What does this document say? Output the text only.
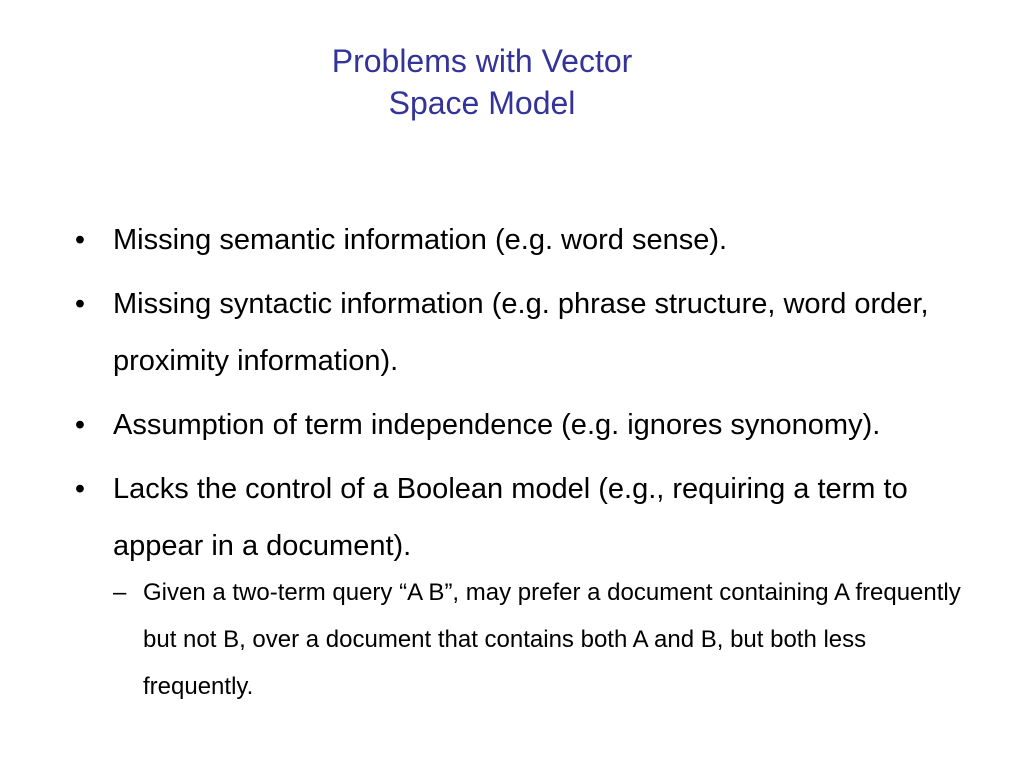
Problems with Vector
Space Model
• Missing semantic information (e.g. word sense).
• Missing syntactic information (e.g. phrase structure, word order, proximity information).
• Assumption of term independence (e.g. ignores synonomy).
• Lacks the control of a Boolean model (e.g., requiring a term to appear in a document).
– Given a two-term query “A B”, may prefer a document containing A frequently but not B, over a document that contains both A and B, but both less frequently.
